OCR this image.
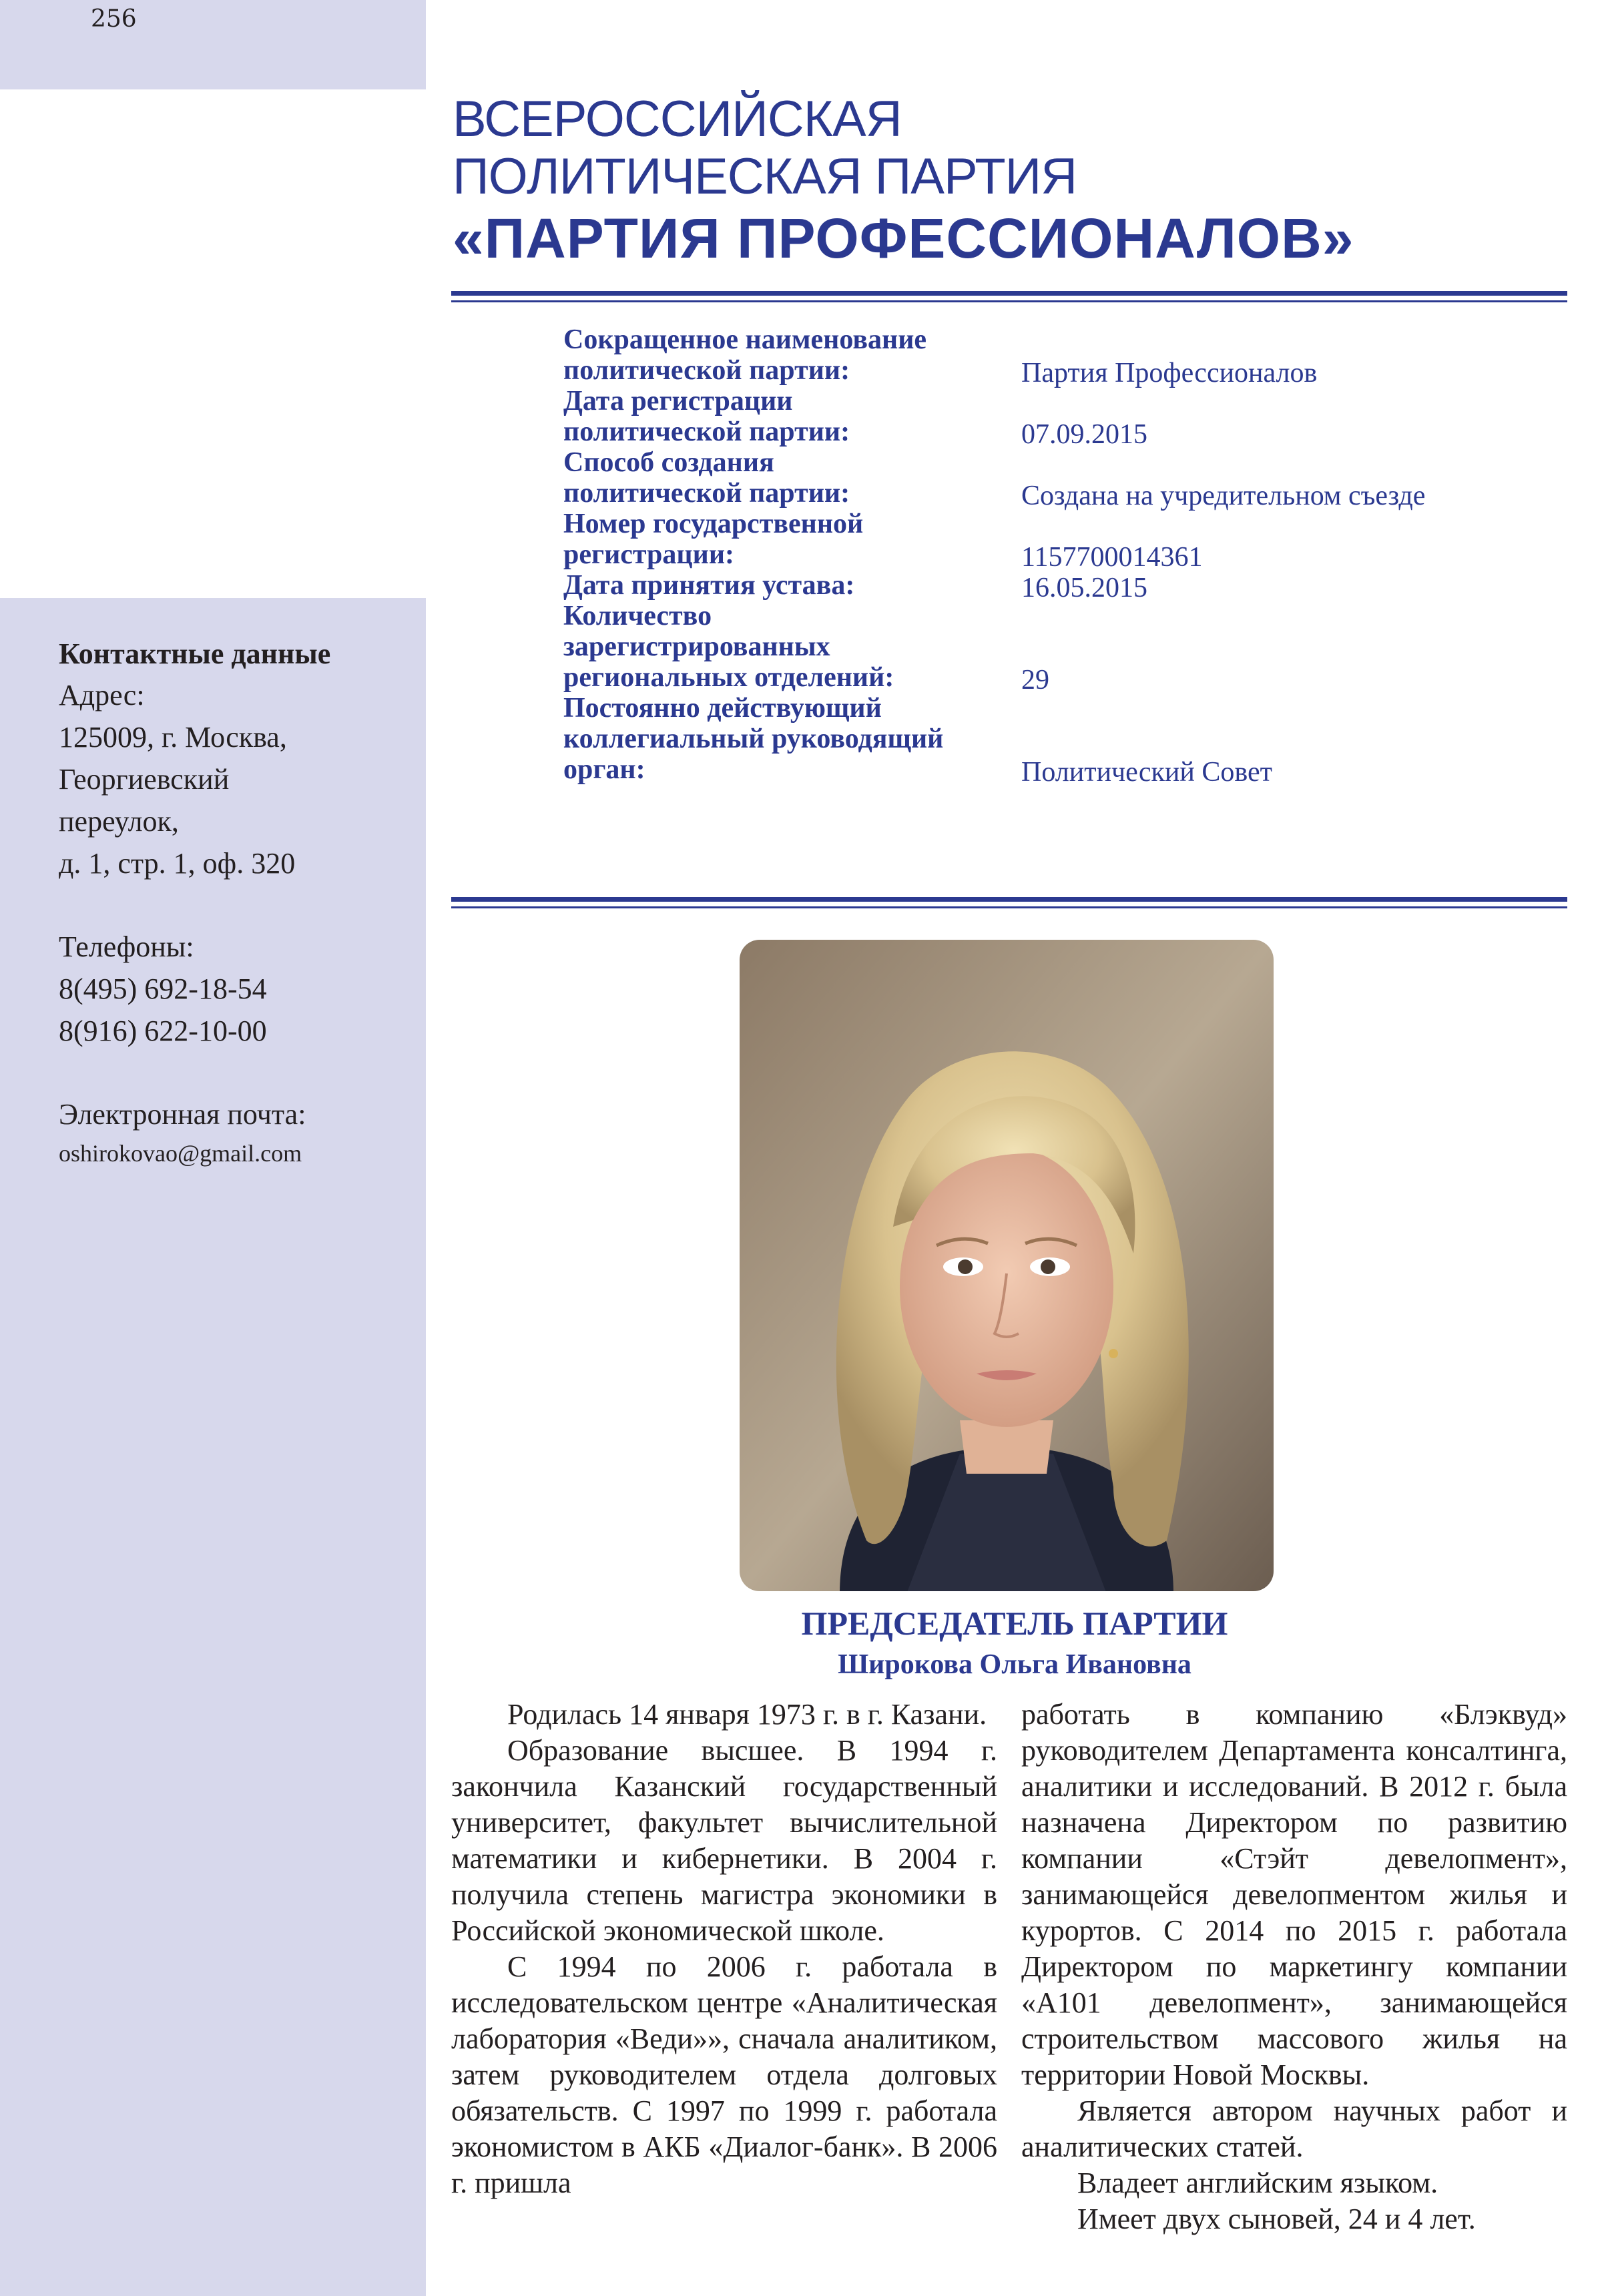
256
Контактные данные
Адрес:
125009, г. Москва,
Георгиевский
переулок,
д. 1, стр. 1, оф. 320
Телефоны:
8(495) 692-18-54
8(916) 622-10-00
Электронная почта:
oshirokovao@gmail.com
ВСЕРОССИЙСКАЯ
ПОЛИТИЧЕСКАЯ ПАРТИЯ
«ПАРТИЯ ПРОФЕССИОНАЛОВ»
Сокращенное наименование
политической партии:	Партия Профессионалов
Дата регистрации
политической партии:	07.09.2015
Способ создания
политической партии:	Создана на учредительном съезде
Номер государственной
регистрации:	1157700014361
Дата принятия устава:	16.05.2015
Количество
зарегистрированных
региональных отделений:	29
Постоянно действующий
коллегиальный руководящий
орган:	Политический Совет
ПРЕДСЕДАТЕЛЬ ПАРТИИ
Широкова Ольга Ивановна

Родилась 14 января 1973 г. в г. Казани.

Образование высшее. В 1994 г. закончила Казанский государственный университет, факультет вычислительной математики и кибернетики. В 2004 г. получила степень магистра экономики в Российской экономической школе.

С 1994 по 2006 г. работала в исследовательском центре «Аналитическая лаборатория «Веди»», сначала аналитиком, затем руководителем отдела долговых обязательств. С 1997 по 1999 г. работала экономистом в АКБ «Диалог-банк». В 2006 г. пришла

работать в компанию «Блэквуд» руководителем Департамента консалтинга, аналитики и исследований. В 2012 г. была назначена Директором по развитию компании «Стэйт девелопмент», занимающейся девелопментом жилья и курортов. С 2014 по 2015 г. работала Директором по маркетингу компании «А101 девелопмент», занимающейся строительством массового жилья на территории Новой Москвы.

Является автором научных работ и аналитических статей.

Владеет английским языком.

Имеет двух сыновей, 24 и 4 лет.
